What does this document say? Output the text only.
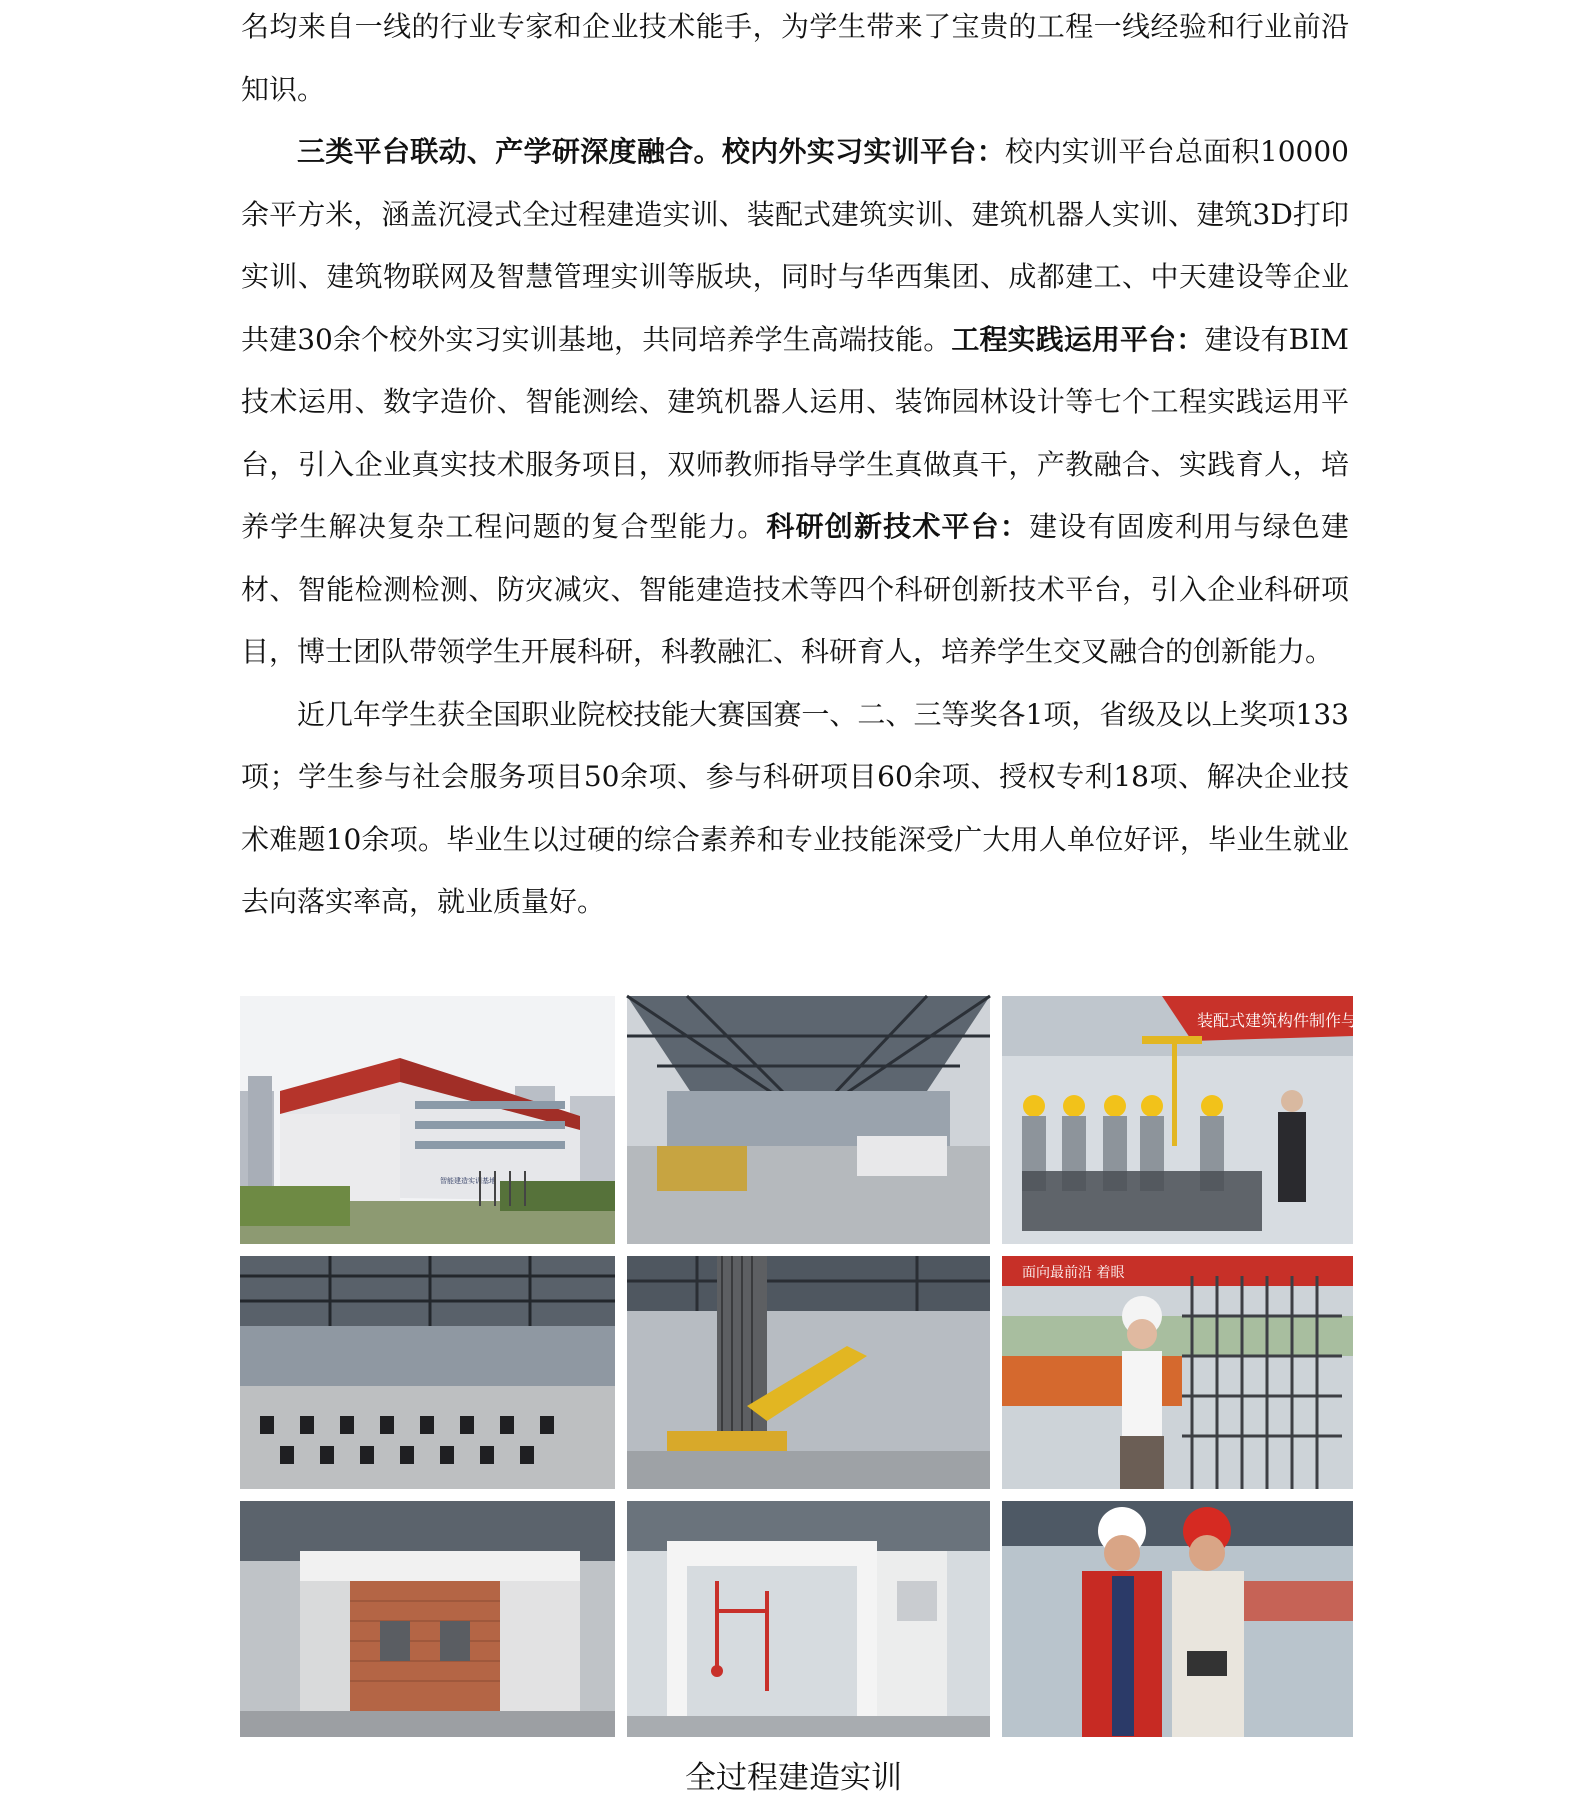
名均来自一线的行业专家和企业技术能手，为学生带来了宝贵的工程一线经验和行业前沿知识。

三类平台联动、产学研深度融合。校内外实习实训平台：校内实训平台总面积10000余平方米，涵盖沉浸式全过程建造实训、装配式建筑实训、建筑机器人实训、建筑3D打印实训、建筑物联网及智慧管理实训等版块，同时与华西集团、成都建工、中天建设等企业共建30余个校外实习实训基地，共同培养学生高端技能。工程实践运用平台：建设有BIM技术运用、数字造价、智能测绘、建筑机器人运用、装饰园林设计等七个工程实践运用平台，引入企业真实技术服务项目，双师教师指导学生真做真干，产教融合、实践育人，培养学生解决复杂工程问题的复合型能力。科研创新技术平台：建设有固废利用与绿色建材、智能检测检测、防灾减灾、智能建造技术等四个科研创新技术平台，引入企业科研项目，博士团队带领学生开展科研，科教融汇、科研育人，培养学生交叉融合的创新能力。

近几年学生获全国职业院校技能大赛国赛一、二、三等奖各1项，省级及以上奖项133项；学生参与社会服务项目50余项、参与科研项目60余项、授权专利18项、解决企业技术难题10余项。毕业生以过硬的综合素养和专业技能深受广大用人单位好评，毕业生就业去向落实率高，就业质量好。

智能建造实训基地
装配式建筑构件制作与安装
面向最前沿 着眼
全过程建造实训
